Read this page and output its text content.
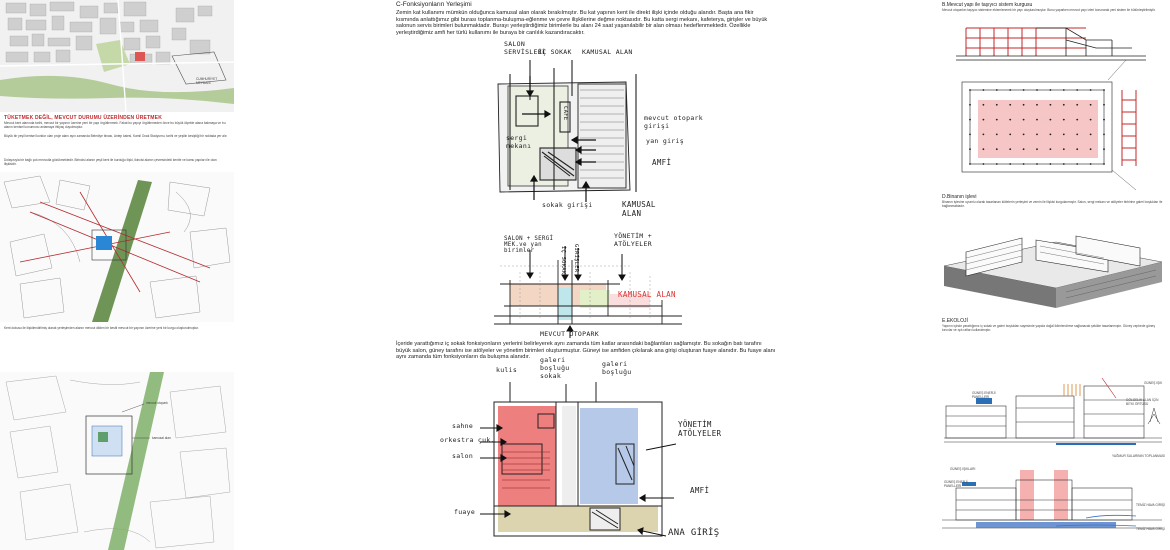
CUMHURİYET MEYDANI
TÜKETMEK DEĞİL, MEVCUT DURUMU ÜZERİNDEN ÜRETMEK
Mevcut kent alanında tarihi, mevcut bir yapının üzerine yeni bir yapı örgütlenmek. Fakat bu yapıyı örgütlemeden önce bu büyük ölçekte alana bakmaya ve bu alanın kentsel konumunu anlamaya ihtiyaç duyulmuştur.
Büyük bir yeşil kentsel koridor olan proje alanı aynı zamanda Belediye binası, Antep kalesi, Kamil Ocak Stadyumu, tarihi ve yeşilin kesiştiği bir noktada yer alır.
Dolayısıyla bir bağlı çok mevcutla gözükmektedir. Birincisi alanın yeşil kent ile kurduğu ilişki, ikincisi alanın çevresindeki kentle ve kamu yapıları ile olan ilişkisidir.
Kent dokusu ile ilişkilendirilmiş olarak yerleşimden alanın mevcut dilden bir kesiti mevcut bir yapının üzerine yeni bir kurgu oluşturulmuştur.
mevcut otopark
kamusal alan
C-Fonksiyonların Yerleşimi
Zemin kat kullanımı mümkün olduğunca kamusal alan olarak bırakılmıştır. Bu kat yapının kent ile direkt ilişki içinde olduğu alandır. Başta ana fikir kısmında anlattığımız gibi burası toplanma-buluşma-eğlenme ve çevre ilişkilerine değme noktasıdır. Bu katta sergi mekanı, kafeterya, girişler ve büyük salonun servis birimleri bulunmaktadır. Burayı yerleştirdiğimiz birimlerle bu alanı 24 saat yaşanılabilir bir alan olması hedeflenmektedir. Özellikle yerleştirdiğimiz amfi her türlü kullanımı ile buraya bir canlılık kazandıracaktır.
SALON SERVİSLERİ
İÇ SOKAK KAMUSAL ALAN
CAFE
sergi mekanı
mevcut otopark girişi
yan giriş
AMFİ
sokak girişi	KAMUSAL ALAN
SALON + SERGİ MEK.ve yan birimler	İÇ SOKAK GİRİŞLER
YÖNETİM + ATÖLYELER
KAMUSAL ALAN
MEVCUT OTOPARK
İçeride yarattığımız iç sokak fonksiyonların yerlerini belirleyerek aynı zamanda tüm katlar arasındaki bağlantıları sağlamıştır. Bu sokağın batı tarafını büyük salon, güney tarafını ise atölyeler ve yönetim birimleri oluşturmuştur. Güneyi ise amfiden çıkılarak ana girişi oluşturan fuaye alanıdır. Bu fuaye alanı aynı zamanda tüm fonksiyonların da buluşma alanıdır.
kulis
galeri boşluğu sokak
galeri boşluğu
sahne
orkestra çuk.
salon
YÖNETİM ATÖLYELER
AMFİ
fuaye
ANA GİRİŞ
B.Mevcut yapı ile taşıyıcı sistem kurgusu
Mevcut otoparkın taşıyıcı sistemine eklemlenerek bir yapı oluşturulmuştur. Bunu yaparken mevcut yapı izleri korunarak yeni sistem ile bütünleştirilmiştir.
D.Binanın işlevi
Binanın işlevine uyumlu olarak tasarlanan kütlelerin yerleşimi ve zemin ile ilişkisi kurgulanmıştır. Salon, sergi mekanı ve atölyeler birbirine galeri boşlukları ile bağlanmaktadır.
E.EKOLOJİ
Yapının içinde yarattığımız iç sokak ve galeri boşlukları sayesinde yapıda doğal iklimlendirme sağlanacak şekilde tasarlanmıştır. Güney cephede güneş kırıcılar ve ışık rafları kullanılmıştır.
GÜNEŞ ENERJİ PANELLERİ
GÜNEŞ IŞIK
GÖLGELİK ALAN İÇİN BİTKİ ÖRTÜSÜ
YAĞMUR SULARININ TOPLANMASI
GÜNEŞ IŞIKLARI
GÜNEŞ ENERJİ PANELLERİ
TEMİZ HAVA GİRİŞİ
TEMİZ HAVA GİRİŞİ
